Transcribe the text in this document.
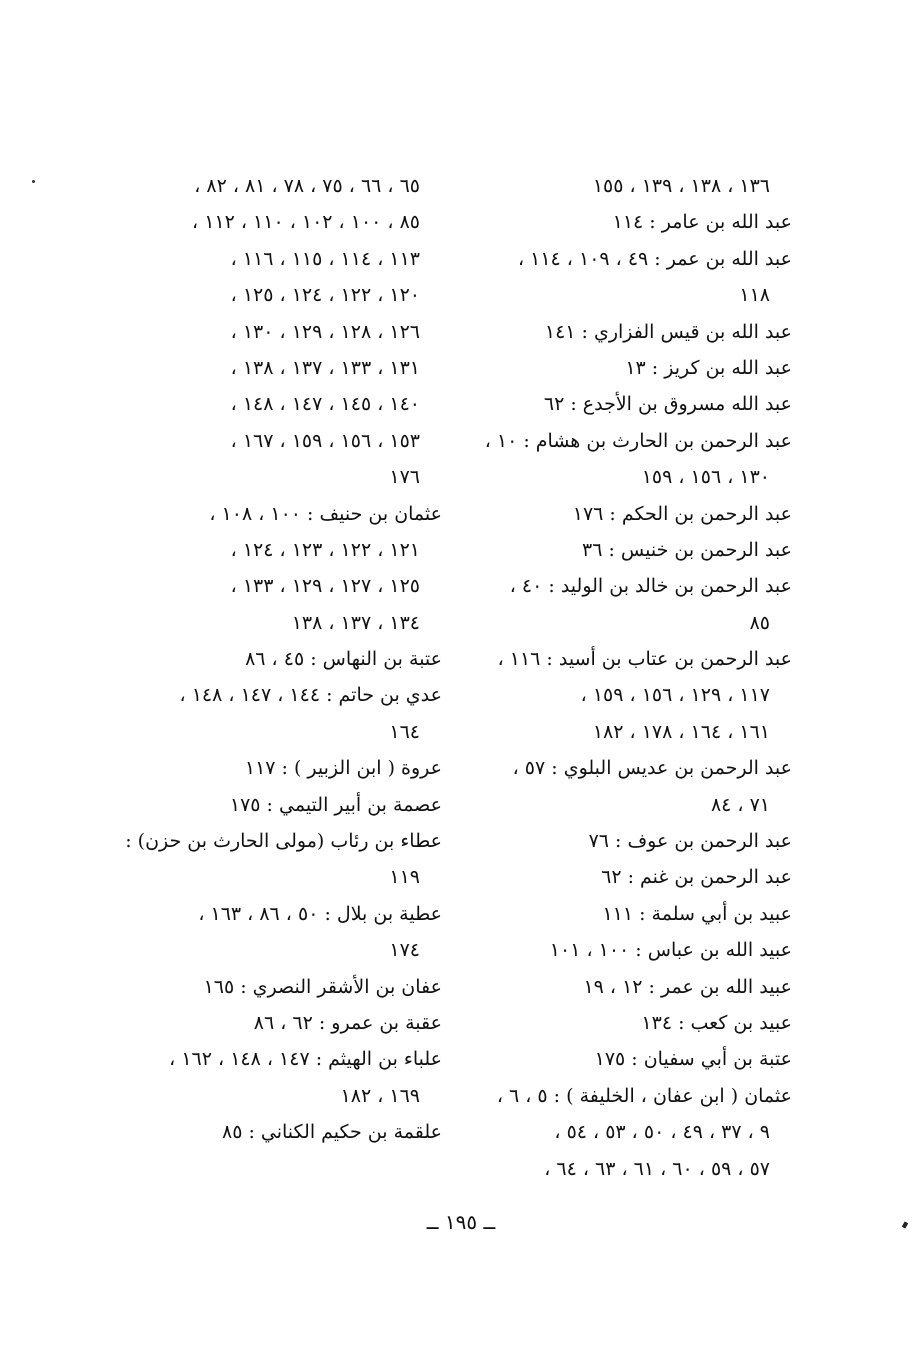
١٣٦ ، ١٣٨ ، ١٣٩ ، ١٥٥
عبد الله بن عامر : ١١٤
عبد الله بن عمر : ٤٩ ، ١٠٩ ، ١١٤ ،
١١٨
عبد الله بن قيس الفزاري : ١٤١
عبد الله بن كريز : ١٣
عبد الله مسروق بن الأجدع : ٦٢
عبد الرحمن بن الحارث بن هشام : ١٠ ،
١٣٠ ، ١٥٦ ، ١٥٩
عبد الرحمن بن الحكم : ١٧٦
عبد الرحمن بن خنيس : ٣٦
عبد الرحمن بن خالد بن الوليد : ٤٠ ،
٨٥
عبد الرحمن بن عتاب بن أسيد : ١١٦ ،
١١٧ ، ١٢٩ ، ١٥٦ ، ١٥٩ ،
١٦١ ، ١٦٤ ، ١٧٨ ، ١٨٢
عبد الرحمن بن عديس البلوي : ٥٧ ،
٧١ ، ٨٤
عبد الرحمن بن عوف : ٧٦
عبد الرحمن بن غنم : ٦٢
عبيد بن أبي سلمة : ١١١
عبيد الله بن عباس : ١٠٠ ، ١٠١
عبيد الله بن عمر : ١٢ ، ١٩
عبيد بن كعب : ١٣٤
عتبة بن أبي سفيان : ١٧٥
عثمان ( ابن عفان ، الخليفة ) : ٥ ، ٦ ،
٩ ، ٣٧ ، ٤٩ ، ٥٠ ، ٥٣ ، ٥٤ ،
٥٧ ، ٥٩ ، ٦٠ ، ٦١ ، ٦٣ ، ٦٤ ،
٦٥ ، ٦٦ ، ٧٥ ، ٧٨ ، ٨١ ، ٨٢ ،
٨٥ ، ١٠٠ ، ١٠٢ ، ١١٠ ، ١١٢ ،
١١٣ ، ١١٤ ، ١١٥ ، ١١٦ ،
١٢٠ ، ١٢٢ ، ١٢٤ ، ١٢٥ ،
١٢٦ ، ١٢٨ ، ١٢٩ ، ١٣٠ ،
١٣١ ، ١٣٣ ، ١٣٧ ، ١٣٨ ،
١٤٠ ، ١٤٥ ، ١٤٧ ، ١٤٨ ،
١٥٣ ، ١٥٦ ، ١٥٩ ، ١٦٧ ،
١٧٦
عثمان بن حنيف : ١٠٠ ، ١٠٨ ،
١٢١ ، ١٢٢ ، ١٢٣ ، ١٢٤ ،
١٢٥ ، ١٢٧ ، ١٢٩ ، ١٣٣ ،
١٣٤ ، ١٣٧ ، ١٣٨
عتبة بن النهاس : ٤٥ ، ٨٦
عدي بن حاتم : ١٤٤ ، ١٤٧ ، ١٤٨ ،
١٦٤
عروة ( ابن الزبير ) : ١١٧
عصمة بن أبير التيمي : ١٧٥
عطاء بن رئاب (مولى الحارث بن حزن) :
١١٩
عطية بن بلال : ٥٠ ، ٨٦ ، ١٦٣ ،
١٧٤
عفان بن الأشقر النصري : ١٦٥
عقبة بن عمرو : ٦٢ ، ٨٦
علباء بن الهيثم : ١٤٧ ، ١٤٨ ، ١٦٢ ،
١٦٩ ، ١٨٢
علقمة بن حكيم الكناني : ٨٥
ــ ١٩٥ ــ
